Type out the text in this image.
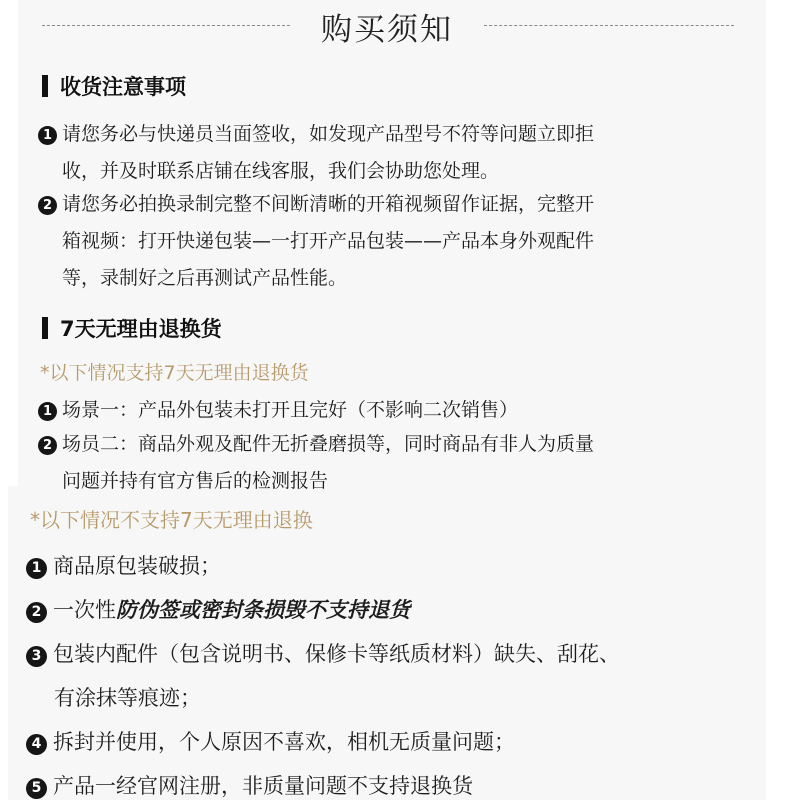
购买须知
收货注意事项
1 请您务必与快递员当面签收，如发现产品型号不符等问题立即拒
收，并及时联系店铺在线客服，我们会协助您处理。
2 请您务必拍换录制完整不间断清晰的开箱视频留作证据，完整开
箱视频：打开快递包装—一打开产品包装——产品本身外观配件
等，录制好之后再测试产品性能。
7天无理由退换货
*以下情况支持7天无理由退换货
1 场景一：产品外包装未打开且完好（不影响二次销售）
2 场员二：商品外观及配件无折叠磨损等，同时商品有非人为质量
问题并持有官方售后的检测报告
*以下情况不支持7天无理由退换
1 商品原包装破损；
2 一次性防伪签或密封条损毁不支持退货
3 包装内配件（包含说明书、保修卡等纸质材料）缺失、刮花、
有涂抹等痕迹；
4 拆封并使用，个人原因不喜欢，相机无质量问题；
5 产品一经官网注册，非质量问题不支持退换货
